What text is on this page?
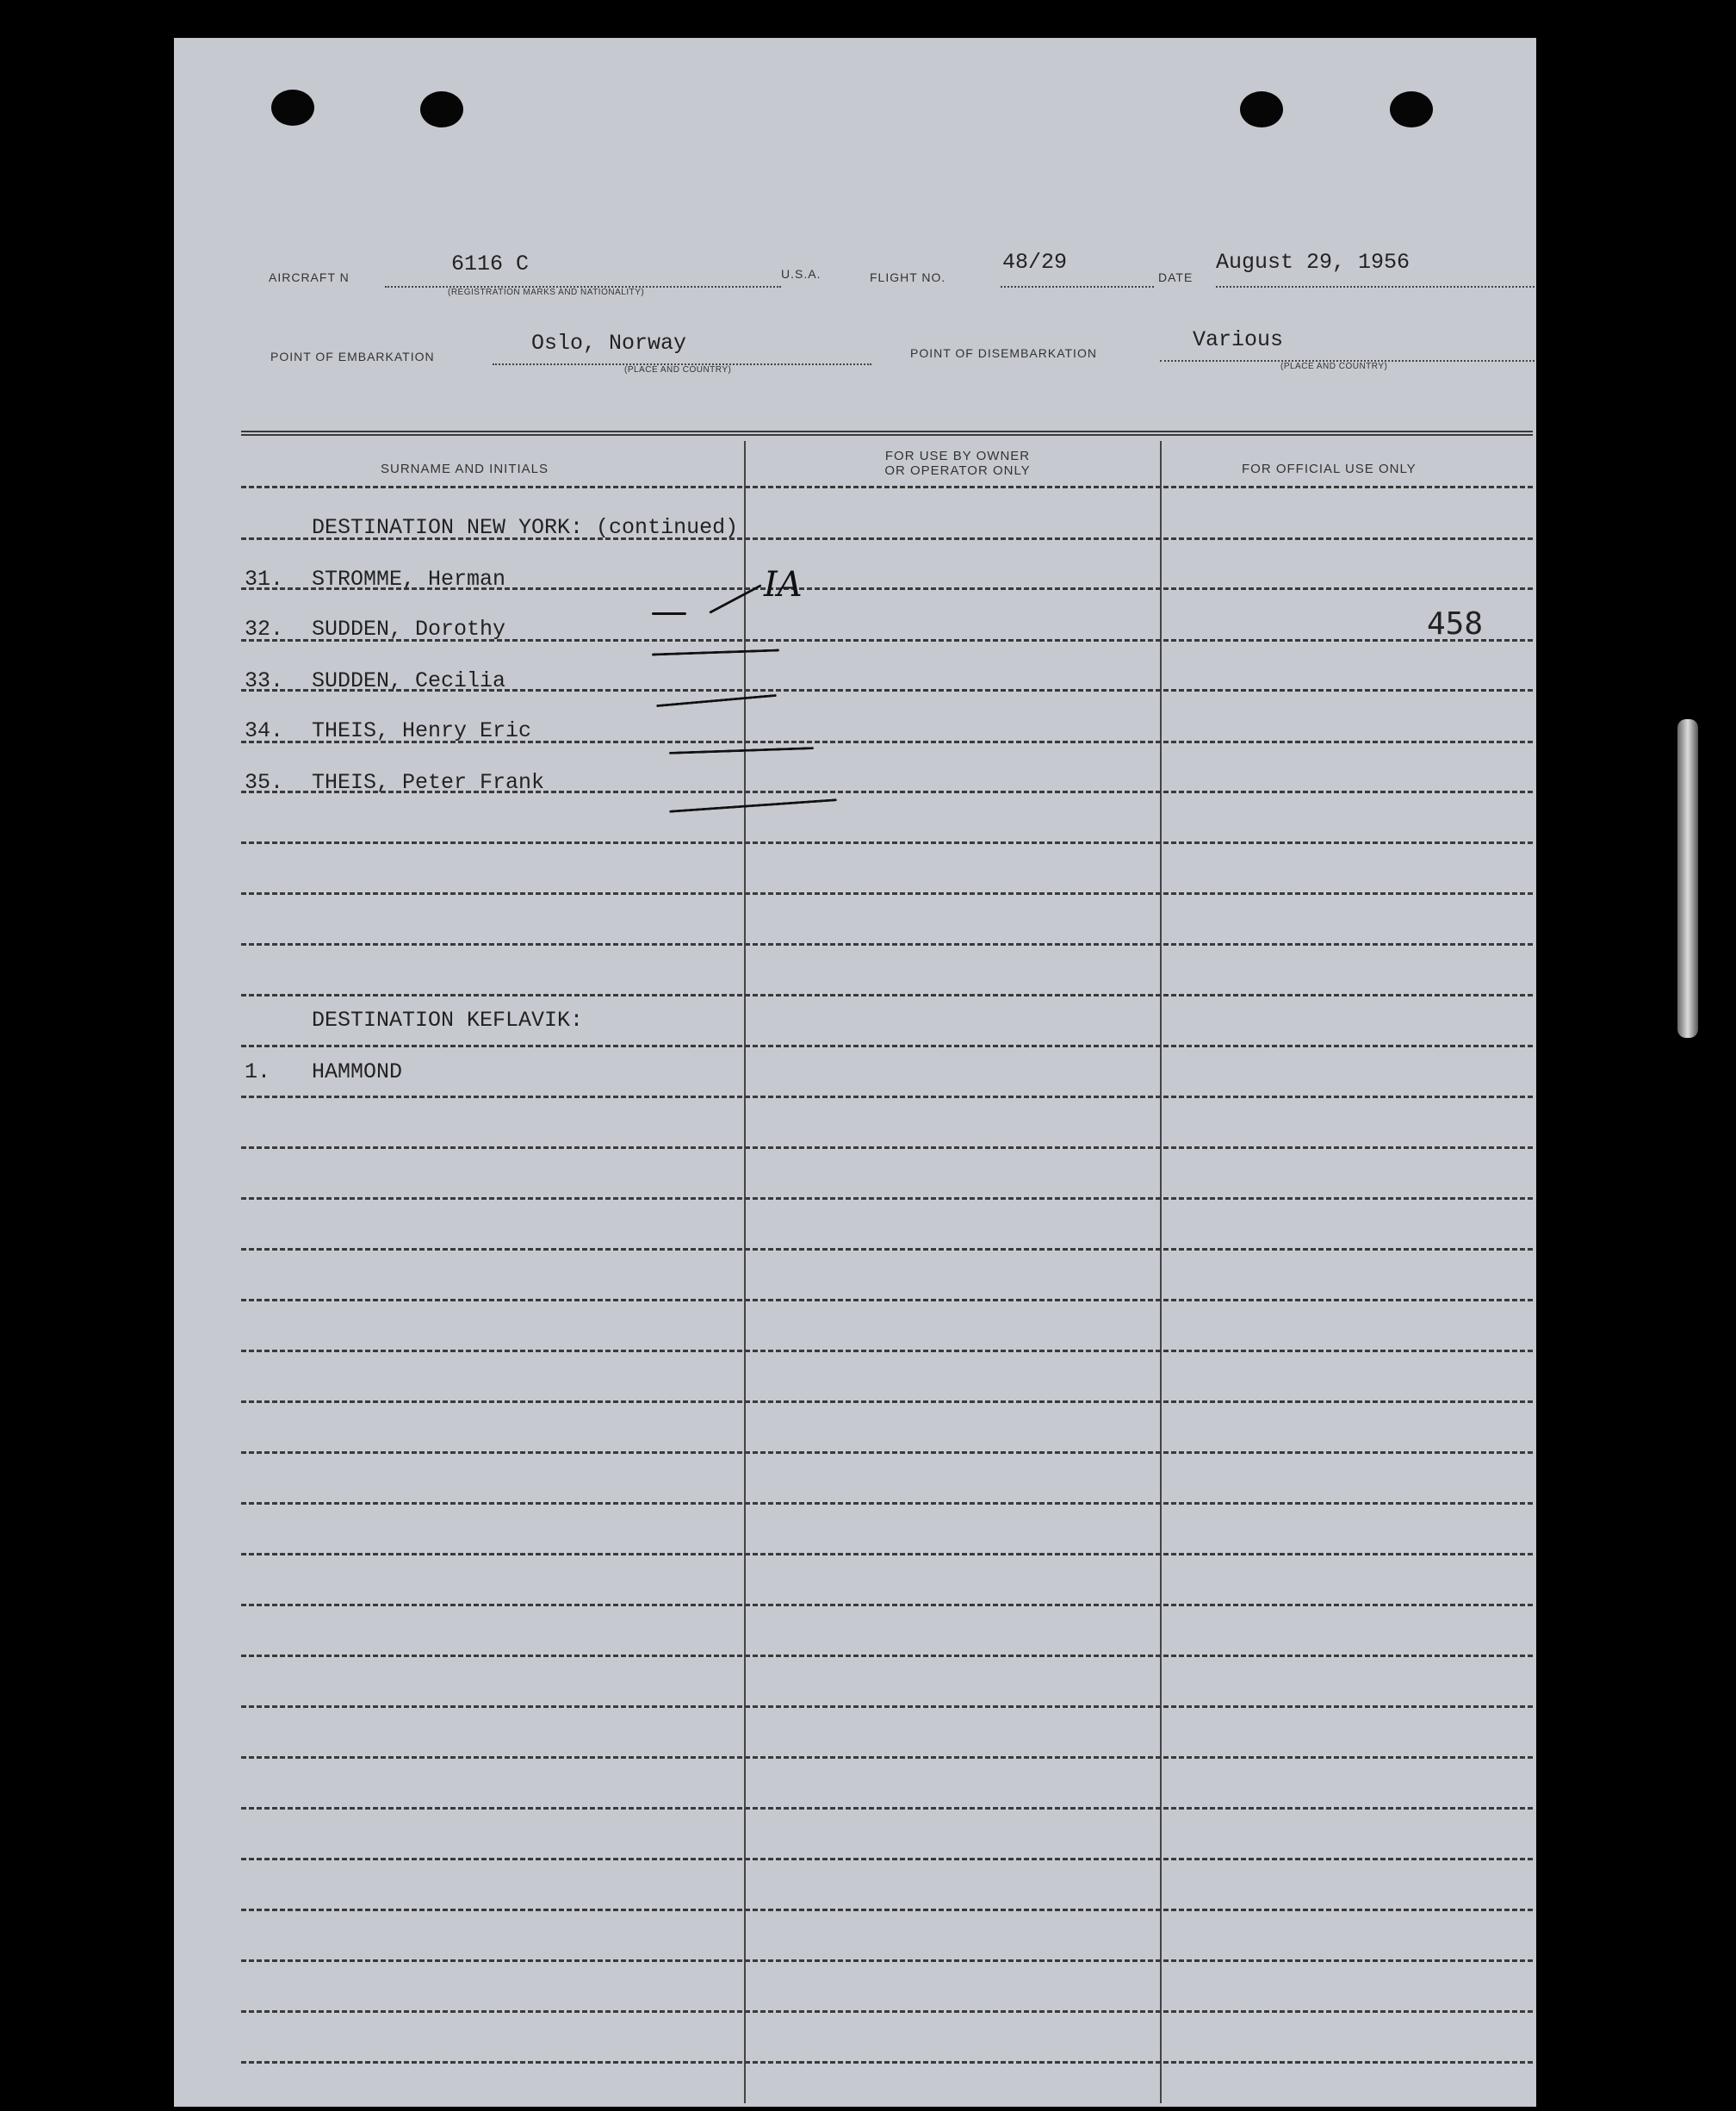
AIRCRAFT N
6116 C
(REGISTRATION MARKS AND NATIONALITY)
U.S.A.	FLIGHT NO.
48/29
DATE
August 29, 1956
POINT OF EMBARKATION
Oslo, Norway
(PLACE AND COUNTRY)
POINT OF DISEMBARKATION
Various
(PLACE AND COUNTRY)
SURNAME AND INITIALS
FOR USE BY OWNER
OR OPERATOR ONLY	FOR OFFICIAL USE ONLY
DESTINATION NEW YORK: (continued)
31. STROMME, Herman
32. SUDDEN, Dorothy
33. SUDDEN, Cecilia
34. THEIS, Henry Eric
35. THEIS, Peter Frank
DESTINATION KEFLAVIK:
1. HAMMOND
IA
458
